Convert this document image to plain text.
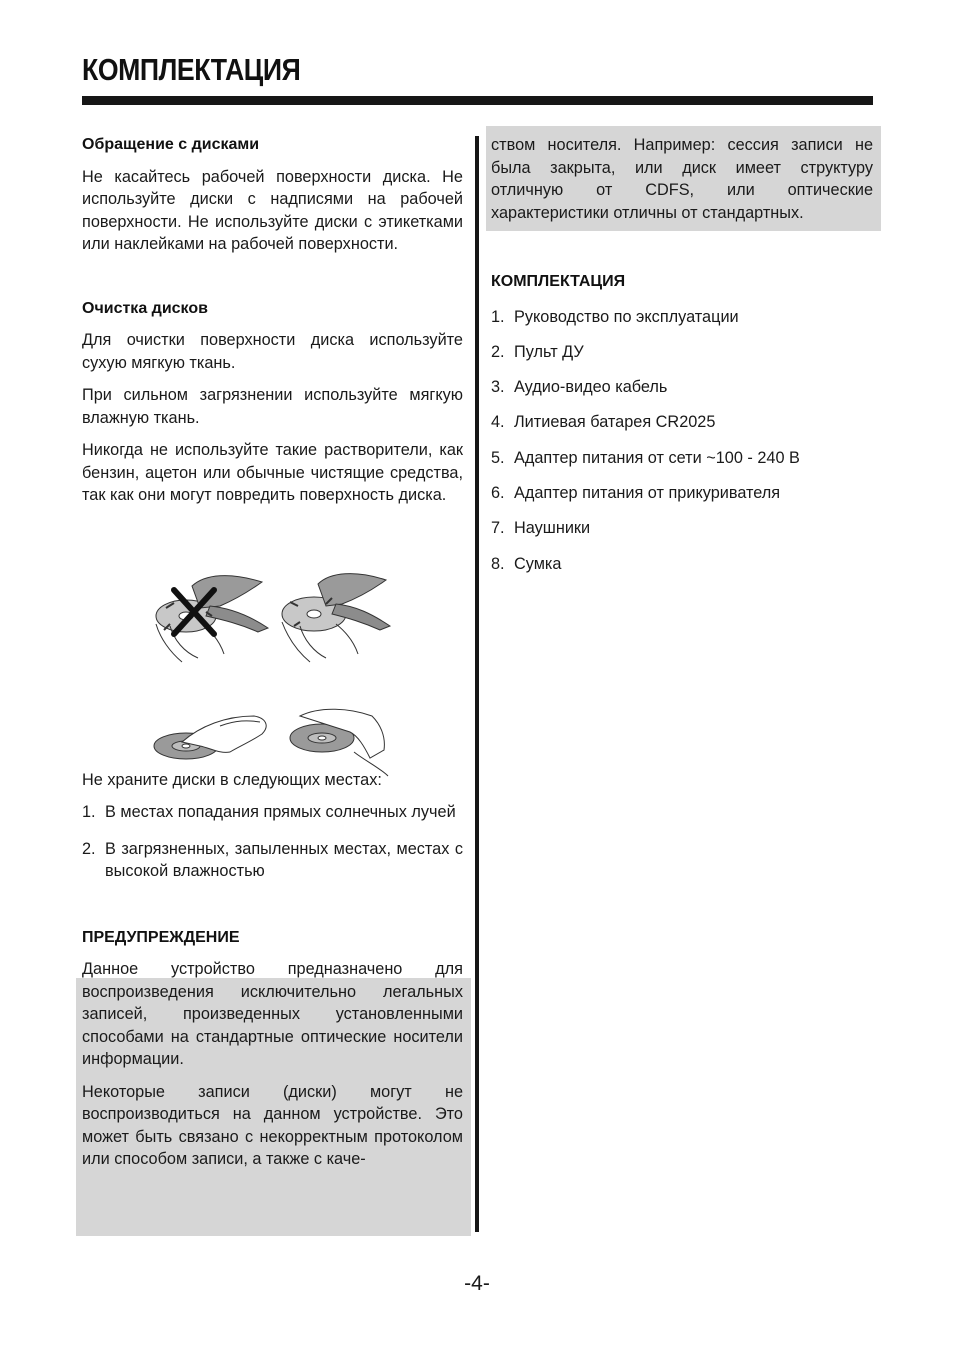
КОМПЛЕКТАЦИЯ
Обращение с дисками

Не касайтесь рабочей поверхности диска. Не используйте диски с надписями на рабочей поверхности. Не используйте диски с этикетками или наклейками на рабочей поверхности.

Очистка дисков

Для очистки поверхности диска используйте сухую мягкую ткань.

При сильном загрязнении используйте мягкую влажную ткань.

Никогда не используйте такие растворители, как бензин, ацетон или обычные чистящие средства, так как они могут повредить поверхность диска.

Не храните диски в следующих местах:

1. В местах попадания прямых солнечных лучей
2. В загрязненных, запыленных местах, местах с высокой влажностью
ПРЕДУПРЕЖДЕНИЕ

Данное устройство предназначено для воспроизведения исключительно легальных записей, произведенных установленными способами на стандартные оптические носители информации.

Некоторые записи (диски) могут не воспроизводиться на данном устройстве. Это может быть связано с некорректным протоколом или способом записи, а также с каче-

ством носителя. Например: сессия записи не была закрыта, или диск имеет структуру отличную от CDFS, или оптические характеристики отличны от стандартных.

КОМПЛЕКТАЦИЯ
1. Руководство по эксплуатации
2. Пульт ДУ
3. Аудио-видео кабель
4. Литиевая батарея CR2025
5. Адаптер питания от сети ~100 - 240 В
6. Адаптер питания от прикуривателя
7. Наушники
8. Сумка
-4-
